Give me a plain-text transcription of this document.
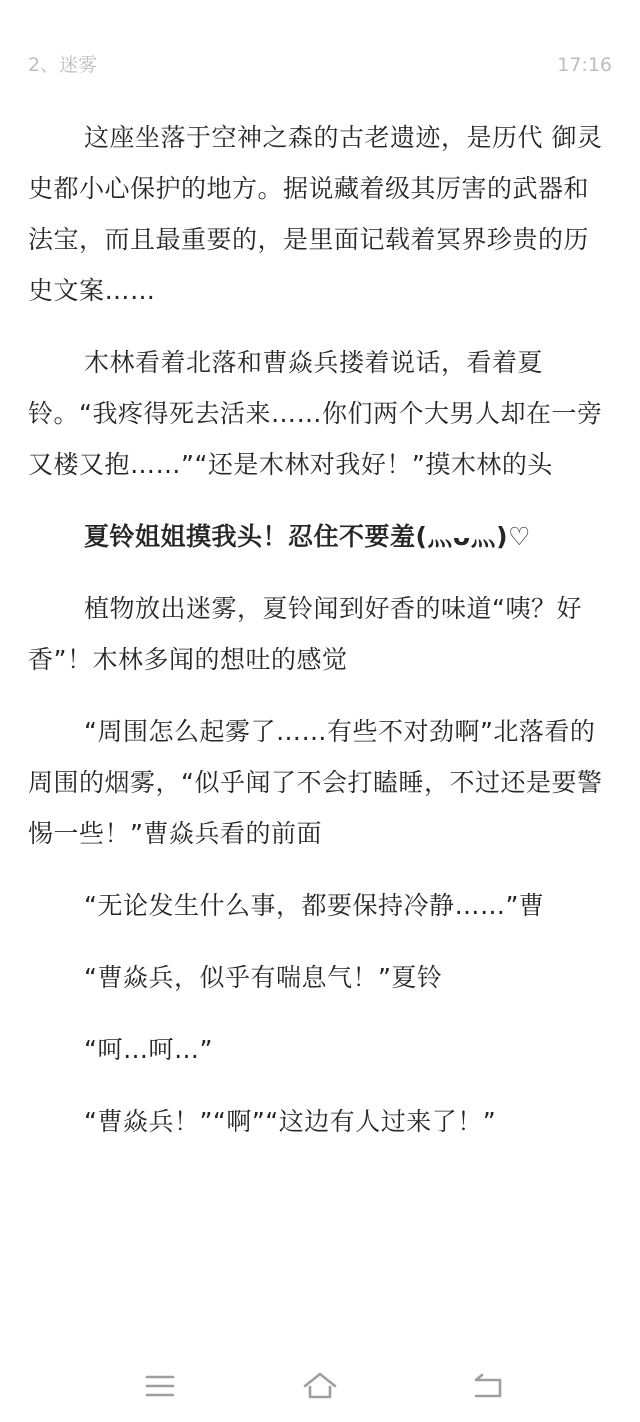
2、迷雾	17:16

这座坐落于空神之森的古老遗迹，是历代 御灵史都小心保护的地方。据说藏着级其厉害的武器和法宝，而且最重要的，是里面记载着冥界珍贵的历史文案……

木林看着北落和曹焱兵搂着说话，看着夏铃。“我疼得死去活来……你们两个大男人却在一旁又楼又抱……”“还是木林对我好！”摸木林的头

夏铃姐姐摸我头！忍住不要羞(灬ᴗ灬)♡

植物放出迷雾，夏铃闻到好香的味道“咦？好香”！木林多闻的想吐的感觉

“周围怎么起雾了……有些不对劲啊”北落看的周围的烟雾，“似乎闻了不会打瞌睡，不过还是要警惕一些！”曹焱兵看的前面

“无论发生什么事，都要保持冷静……”曹

“曹焱兵，似乎有喘息气！”夏铃

“呵…呵…”

“曹焱兵！”“啊”“这边有人过来了！”
